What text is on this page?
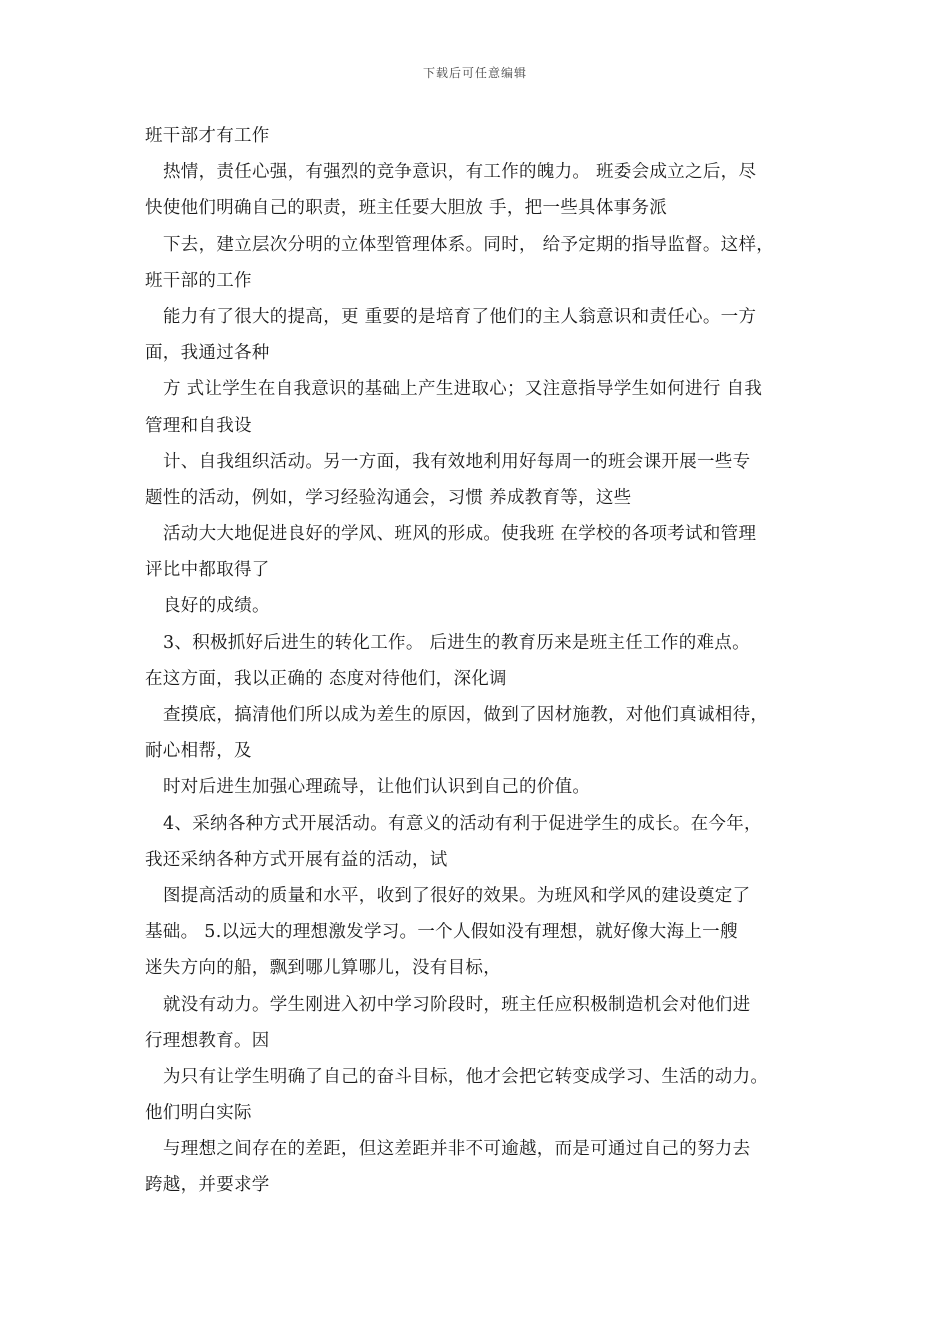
下载后可任意编辑
班干部才有工作
热情，责任心强，有强烈的竞争意识，有工作的魄力。 班委会成立之后，尽
快使他们明确自己的职责，班主任要大胆放 手，把一些具体事务派
下去，建立层次分明的立体型管理体系。同时， 给予定期的指导监督。这样，
班干部的工作
能力有了很大的提高，更 重要的是培育了他们的主人翁意识和责任心。一方
面，我通过各种
方 式让学生在自我意识的基础上产生进取心；又注意指导学生如何进行 自我
管理和自我设
计、自我组织活动。另一方面，我有效地利用好每周一的班会课开展一些专
题性的活动，例如，学习经验沟通会，习惯 养成教育等，这些
活动大大地促进良好的学风、班风的形成。使我班 在学校的各项考试和管理
评比中都取得了
良好的成绩。
3、积极抓好后进生的转化工作。 后进生的教育历来是班主任工作的难点。
在这方面，我以正确的 态度对待他们，深化调
查摸底，搞清他们所以成为差生的原因，做到了因材施教，对他们真诚相待，
耐心相帮，及
时对后进生加强心理疏导，让他们认识到自己的价值。
4、采纳各种方式开展活动。有意义的活动有利于促进学生的成长。在今年，
我还采纳各种方式开展有益的活动，试
图提高活动的质量和水平，收到了很好的效果。为班风和学风的建设奠定了
基础。 5.以远大的理想激发学习。一个人假如没有理想，就好像大海上一艘
迷失方向的船，飘到哪儿算哪儿，没有目标，
就没有动力。学生刚进入初中学习阶段时，班主任应积极制造机会对他们进
行理想教育。因
为只有让学生明确了自己的奋斗目标，他才会把它转变成学习、生活的动力。
他们明白实际
与理想之间存在的差距，但这差距并非不可逾越，而是可通过自己的努力去
跨越，并要求学
